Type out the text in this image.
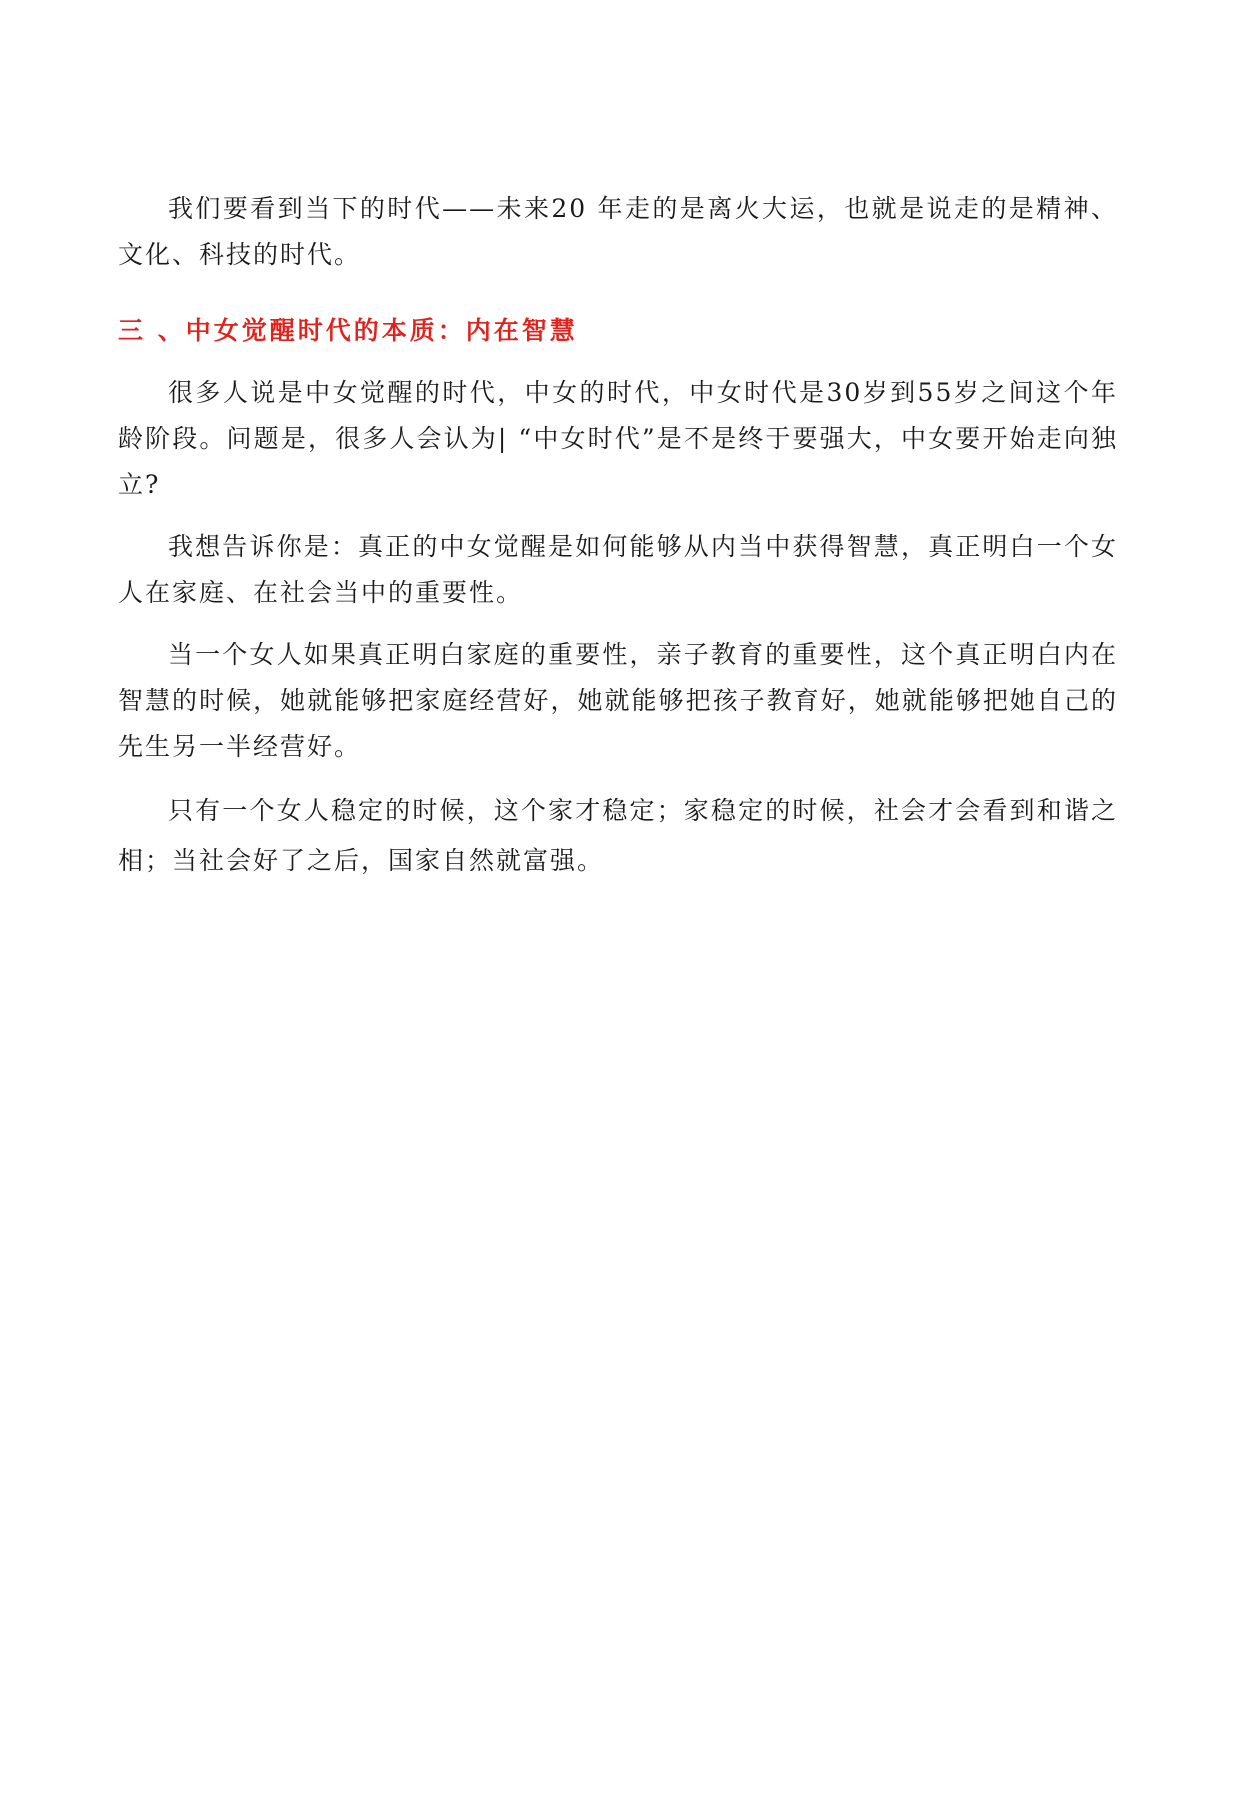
我们要看到当下的时代——未来20 年走的是离火大运，也就是说走的是精神、文化、科技的时代。

三 、中女觉醒时代的本质：内在智慧

很多人说是中女觉醒的时代，中女的时代，中女时代是30岁到55岁之间这个年龄阶段。问题是，很多人会认为| “中女时代”是不是终于要强大，中女要开始走向独立?

我想告诉你是：真正的中女觉醒是如何能够从内当中获得智慧，真正明白一个女人在家庭、在社会当中的重要性。

当一个女人如果真正明白家庭的重要性，亲子教育的重要性，这个真正明白内在智慧的时候，她就能够把家庭经营好，她就能够把孩子教育好，她就能够把她自己的先生另一半经营好。

只有一个女人稳定的时候，这个家才稳定；家稳定的时候，社会才会看到和谐之相；当社会好了之后，国家自然就富强。
